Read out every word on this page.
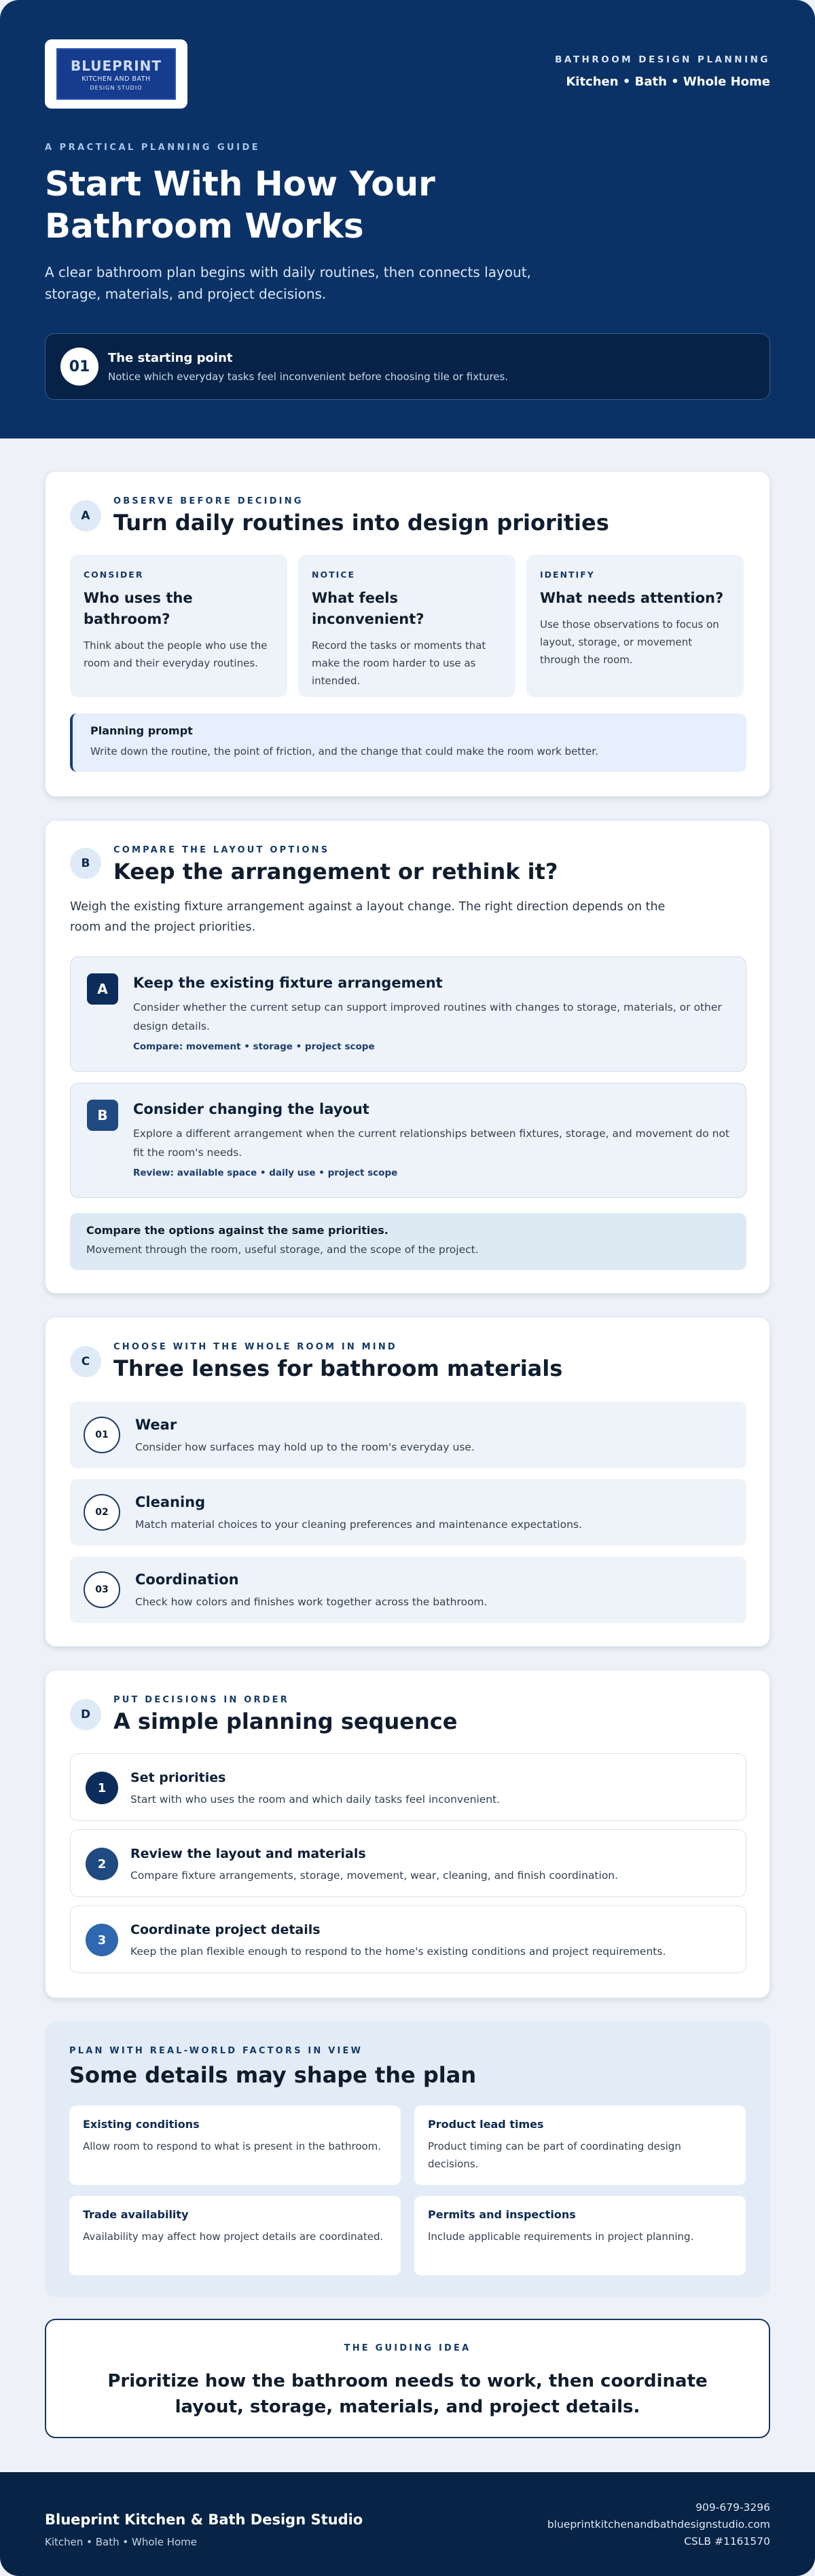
BLUEPRINT
KITCHEN AND BATH
DESIGN STUDIO
BATHROOM DESIGN PLANNING
Kitchen • Bath • Whole Home
A PRACTICAL PLANNING GUIDE
Start With How Your Bathroom Works
A clear bathroom plan begins with daily routines, then connects layout, storage, materials, and project decisions.
01
The starting point
Notice which everyday tasks feel inconvenient before choosing tile or fixtures.
A
OBSERVE BEFORE DECIDING
Turn daily routines into design priorities
CONSIDER
Who uses the bathroom?
Think about the people who use the room and their everyday routines.
NOTICE
What feels inconvenient?
Record the tasks or moments that make the room harder to use as intended.
IDENTIFY
What needs attention?
Use those observations to focus on layout, storage, or movement through the room.
Planning prompt
Write down the routine, the point of friction, and the change that could make the room work better.
B
COMPARE THE LAYOUT OPTIONS
Keep the arrangement or rethink it?
Weigh the existing fixture arrangement against a layout change. The right direction depends on the room and the project priorities.
A	Keep the existing fixture arrangement
Consider whether the current setup can support improved routines with changes to storage, materials, or other design details.
Compare: movement • storage • project scope
B	Consider changing the layout
Explore a different arrangement when the current relationships between fixtures, storage, and movement do not fit the room's needs.
Review: available space • daily use • project scope
Compare the options against the same priorities.
Movement through the room, useful storage, and the scope of the project.
C
CHOOSE WITH THE WHOLE ROOM IN MIND
Three lenses for bathroom materials
01
Wear
Consider how surfaces may hold up to the room's everyday use.
02
Cleaning
Match material choices to your cleaning preferences and maintenance expectations.
03
Coordination
Check how colors and finishes work together across the bathroom.
D
PUT DECISIONS IN ORDER
A simple planning sequence
1
Set priorities
Start with who uses the room and which daily tasks feel inconvenient.
2
Review the layout and materials
Compare fixture arrangements, storage, movement, wear, cleaning, and finish coordination.
3
Coordinate project details
Keep the plan flexible enough to respond to the home's existing conditions and project requirements.
PLAN WITH REAL-WORLD FACTORS IN VIEW
Some details may shape the plan
Existing conditions
Allow room to respond to what is present in the bathroom.
Product lead times
Product timing can be part of coordinating design decisions.
Trade availability
Availability may affect how project details are coordinated.
Permits and inspections
Include applicable requirements in project planning.
THE GUIDING IDEA
Prioritize how the bathroom needs to work, then coordinate layout, storage, materials, and project details.
Blueprint Kitchen & Bath Design Studio
Kitchen • Bath • Whole Home
909-679-3296
blueprintkitchenandbathdesignstudio.com
CSLB #1161570
